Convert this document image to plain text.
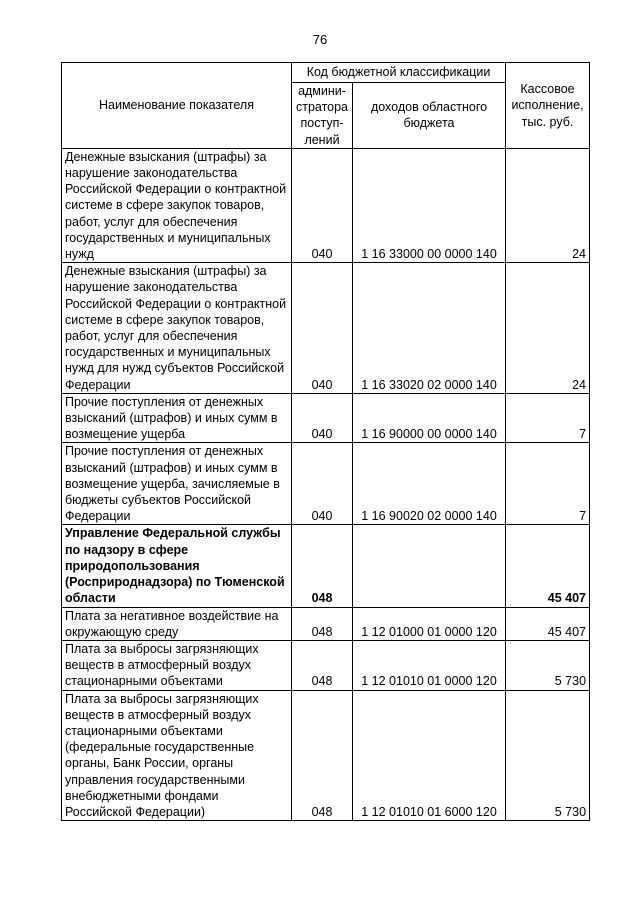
76
Наименование показателя	Код бюджетной классификации		Кассовое исполнение, тыс. руб.
	админи-стратора поступ-лений	доходов областного бюджета	
Денежные взыскания (штрафы) за нарушение законодательства Российской Федерации о контрактной системе в сфере закупок товаров, работ, услуг для обеспечения государственных и муниципальных нужд	040	1 16 33000 00 0000 140	24
Денежные взыскания (штрафы) за нарушение законодательства Российской Федерации о контрактной системе в сфере закупок товаров, работ, услуг для обеспечения государственных и муниципальных нужд для нужд субъектов Российской Федерации	040	1 16 33020 02 0000 140	24
Прочие поступления от денежных взысканий (штрафов) и иных сумм в возмещение ущерба	040	1 16 90000 00 0000 140	7
Прочие поступления от денежных взысканий (штрафов) и иных сумм в возмещение ущерба, зачисляемые в бюджеты субъектов Российской Федерации	040	1 16 90020 02 0000 140	7
Управление Федеральной службы по надзору в сфере природопользования (Росприроднадзора) по Тюменской области	048		45 407
Плата за негативное воздействие на окружающую среду	048	1 12 01000 01 0000 120	45 407
Плата за выбросы загрязняющих веществ в атмосферный воздух стационарными объектами	048	1 12 01010 01 0000 120	5 730
Плата за выбросы загрязняющих веществ в атмосферный воздух стационарными объектами (федеральные государственные органы, Банк России, органы управления государственными внебюджетными фондами Российской Федерации)	048	1 12 01010 01 6000 120	5 730
